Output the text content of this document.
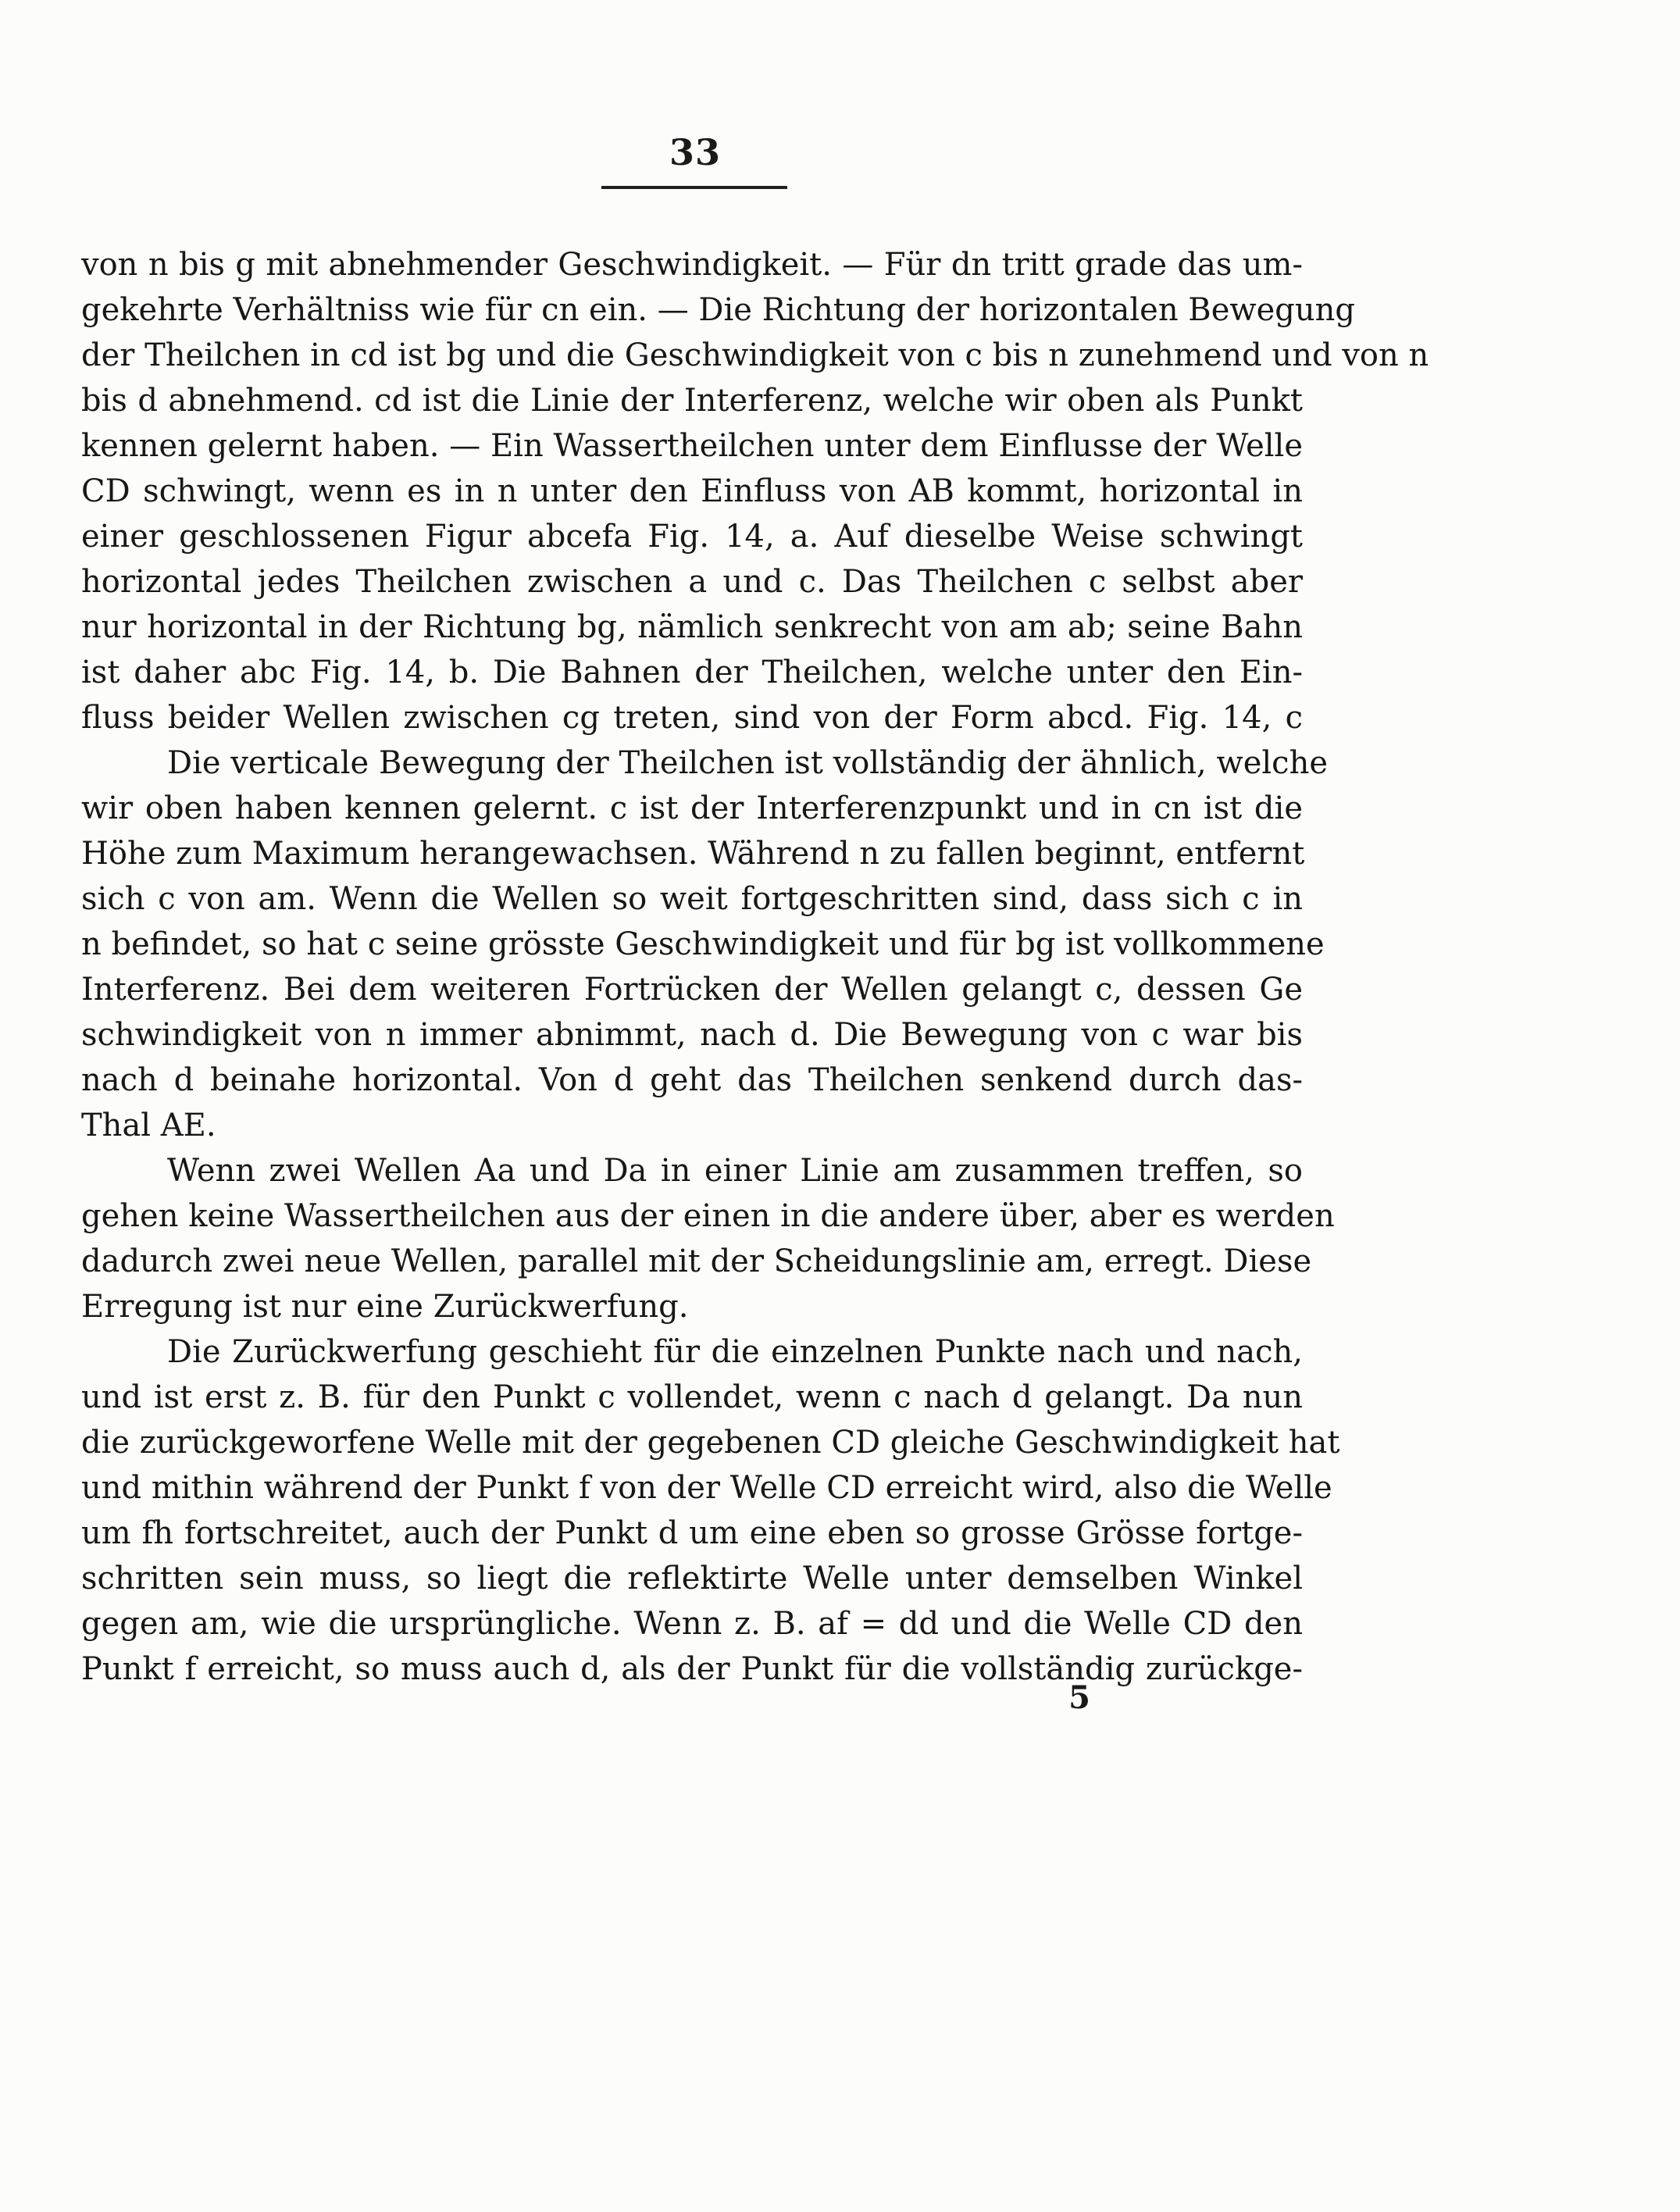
33
von n bis g mit abnehmender Geschwindigkeit. — Für dn tritt grade das um-
gekehrte Verhältniss wie für cn ein. — Die Richtung der horizontalen Bewegung
der Theilchen in cd ist bg und die Geschwindigkeit von c bis n zunehmend und von n
bis d abnehmend. cd ist die Linie der Interferenz, welche wir oben als Punkt
kennen gelernt haben. — Ein Wassertheilchen unter dem Einflusse der Welle
CD schwingt, wenn es in n unter den Einfluss von AB kommt, horizontal in
einer geschlossenen Figur abcefa Fig. 14, a. Auf dieselbe Weise schwingt
horizontal jedes Theilchen zwischen a und c. Das Theilchen c selbst aber
nur horizontal in der Richtung bg, nämlich senkrecht von am ab; seine Bahn
ist daher abc Fig. 14, b. Die Bahnen der Theilchen, welche unter den Ein-
fluss beider Wellen zwischen cg treten, sind von der Form abcd. Fig. 14, c
Die verticale Bewegung der Theilchen ist vollständig der ähnlich, welche
wir oben haben kennen gelernt. c ist der Interferenzpunkt und in cn ist die
Höhe zum Maximum herangewachsen. Während n zu fallen beginnt, entfernt
sich c von am. Wenn die Wellen so weit fortgeschritten sind, dass sich c in
n befindet, so hat c seine grösste Geschwindigkeit und für bg ist vollkommene
Interferenz. Bei dem weiteren Fortrücken der Wellen gelangt c, dessen Ge
schwindigkeit von n immer abnimmt, nach d. Die Bewegung von c war bis
nach d beinahe horizontal. Von d geht das Theilchen senkend durch das-
Thal AE.
Wenn zwei Wellen Aa und Da in einer Linie am zusammen treffen, so
gehen keine Wassertheilchen aus der einen in die andere über, aber es werden
dadurch zwei neue Wellen, parallel mit der Scheidungslinie am, erregt. Diese
Erregung ist nur eine Zurückwerfung.
Die Zurückwerfung geschieht für die einzelnen Punkte nach und nach,
und ist erst z. B. für den Punkt c vollendet, wenn c nach d gelangt. Da nun
die zurückgeworfene Welle mit der gegebenen CD gleiche Geschwindigkeit hat
und mithin während der Punkt f von der Welle CD erreicht wird, also die Welle
um fh fortschreitet, auch der Punkt d um eine eben so grosse Grösse fortge-
schritten sein muss, so liegt die reflektirte Welle unter demselben Winkel
gegen am, wie die ursprüngliche. Wenn z. B. af = dd und die Welle CD den
Punkt f erreicht, so muss auch d, als der Punkt für die vollständig zurückge-
5
